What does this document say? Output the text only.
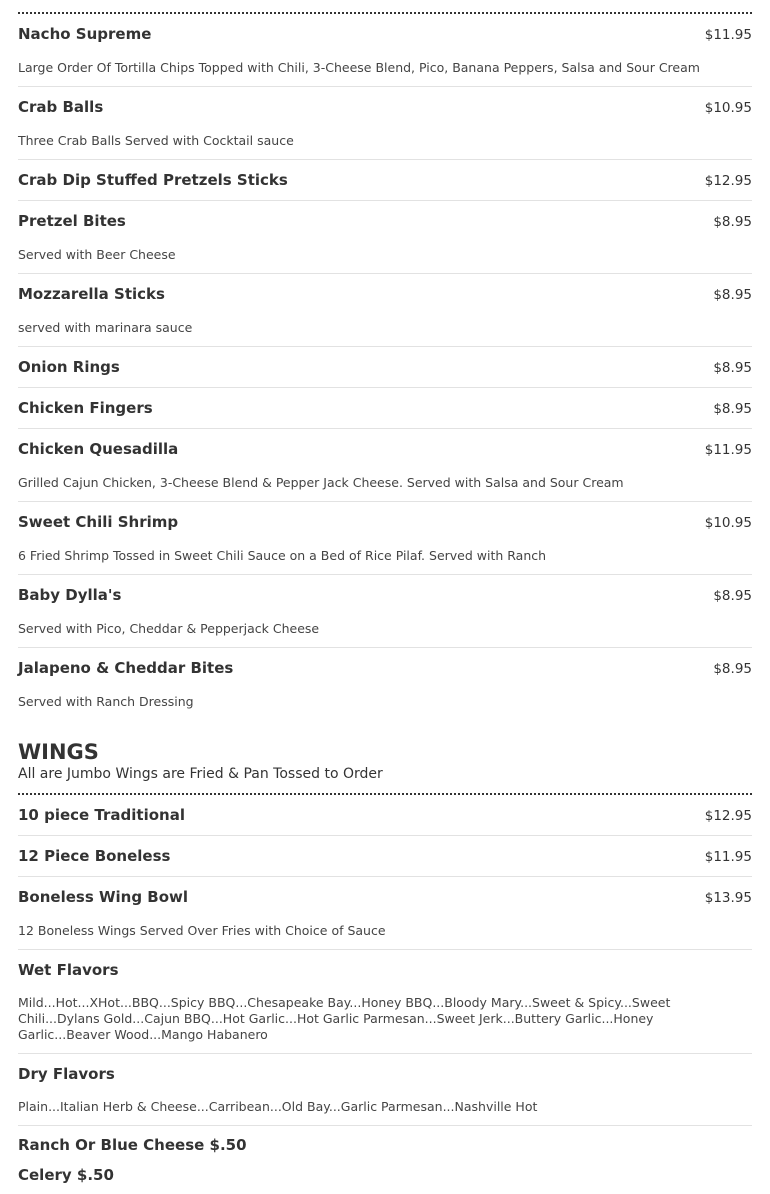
Nacho Supreme	$11.95
Large Order Of Tortilla Chips Topped with Chili, 3-Cheese Blend, Pico, Banana Peppers, Salsa and Sour Cream
Crab Balls	$10.95
Three Crab Balls Served with Cocktail sauce
Crab Dip Stuffed Pretzels Sticks	$12.95
Pretzel Bites	$8.95
Served with Beer Cheese
Mozzarella Sticks	$8.95
served with marinara sauce
Onion Rings	$8.95
Chicken Fingers	$8.95
Chicken Quesadilla	$11.95
Grilled Cajun Chicken, 3-Cheese Blend & Pepper Jack Cheese. Served with Salsa and Sour Cream
Sweet Chili Shrimp	$10.95
6 Fried Shrimp Tossed in Sweet Chili Sauce on a Bed of Rice Pilaf. Served with Ranch
Baby Dylla's	$8.95
Served with Pico, Cheddar & Pepperjack Cheese
Jalapeno & Cheddar Bites	$8.95
Served with Ranch Dressing
WINGS
All are Jumbo Wings are Fried & Pan Tossed to Order
10 piece Traditional	$12.95
12 Piece Boneless	$11.95
Boneless Wing Bowl	$13.95
12 Boneless Wings Served Over Fries with Choice of Sauce
Wet Flavors
Mild...Hot...XHot...BBQ...Spicy BBQ...Chesapeake Bay...Honey BBQ...Bloody Mary...Sweet & Spicy...Sweet Chili...Dylans Gold...Cajun BBQ...Hot Garlic...Hot Garlic Parmesan...Sweet Jerk...Buttery Garlic...Honey Garlic...Beaver Wood...Mango Habanero
Dry Flavors
Plain...Italian Herb & Cheese...Carribean...Old Bay...Garlic Parmesan...Nashville Hot
Ranch Or Blue Cheese $.50
Celery $.50
